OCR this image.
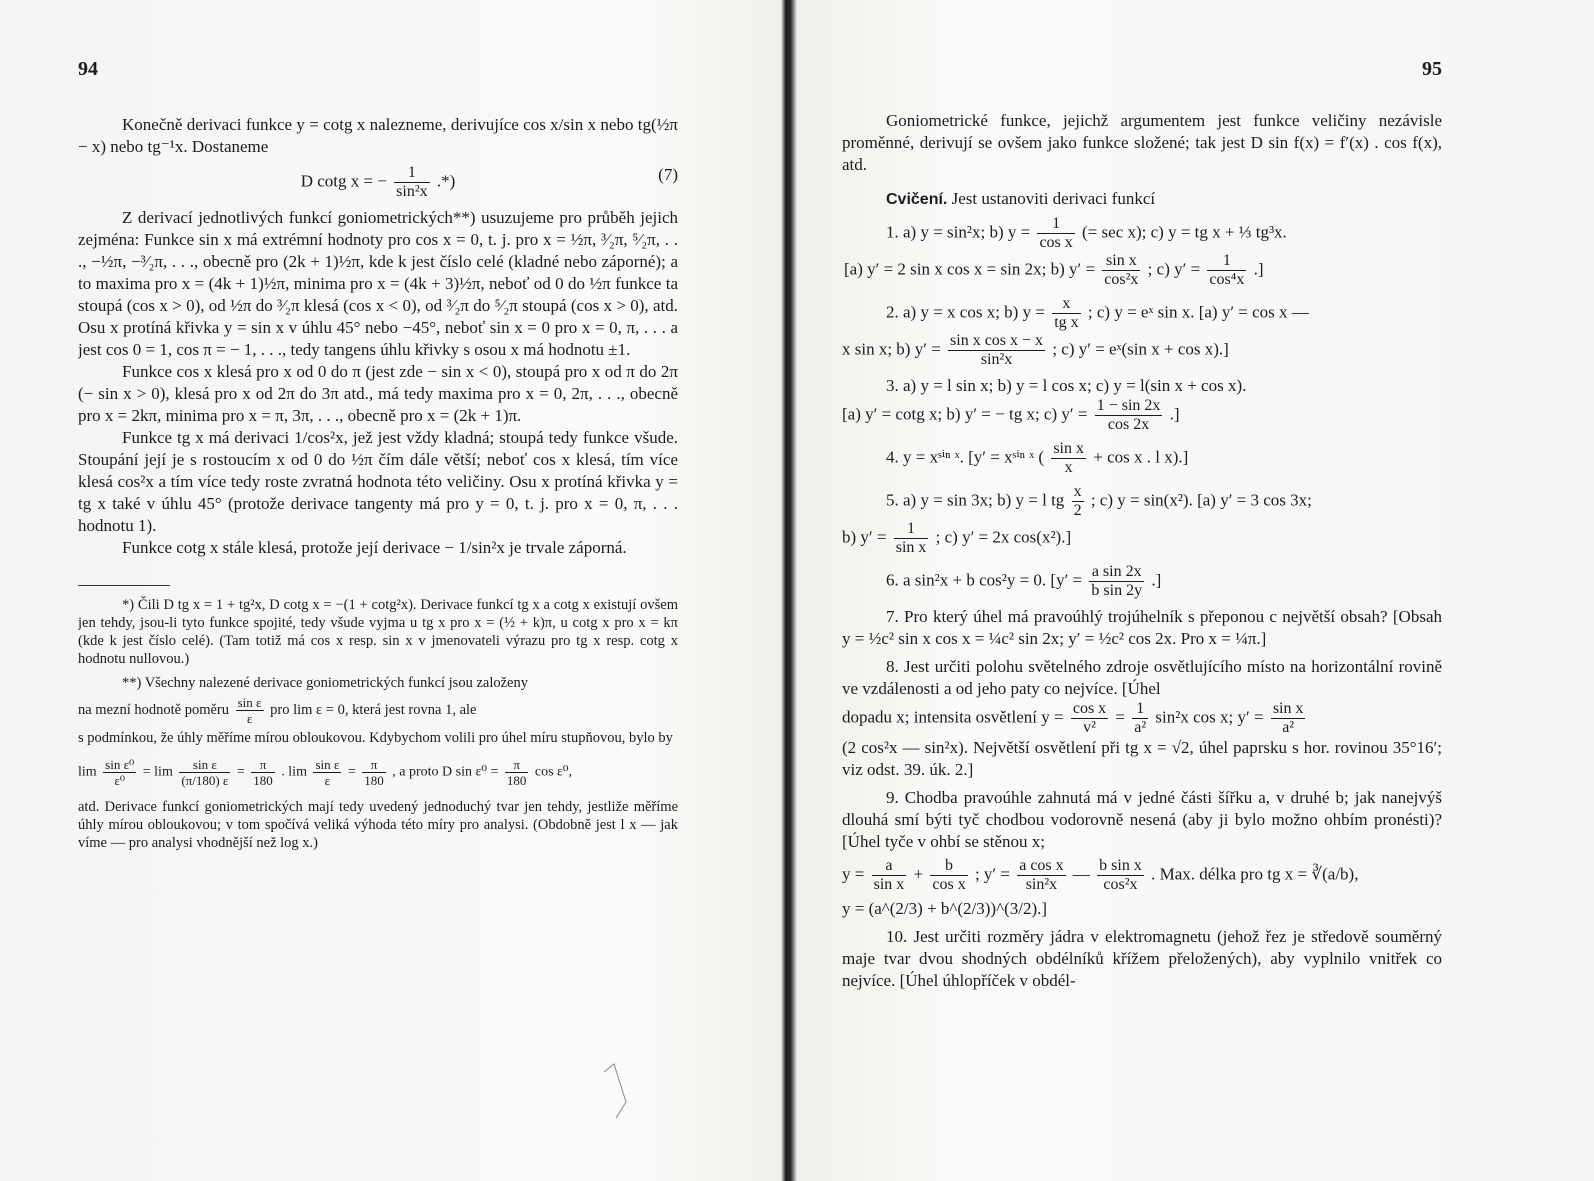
94

Konečně derivaci funkce y = cotg x nalezneme, derivujíce cos x/sin x nebo tg(½π − x) nebo tg⁻¹x. Dostaneme

D cotg x = − $\frac{1}{\text{sin²x}}$ .*)	(7)

Z derivací jednotlivých funkcí goniometrických**) usuzujeme pro průběh jejich zejména: Funkce sin x má extrémní hodnoty pro cos x = 0, t. j. pro x = ½π, ³⁄₂π, ⁵⁄₂π, . . ., −½π, −³⁄₂π, . . ., obecně pro (2k + 1)½π, kde k jest číslo celé (kladné nebo záporné); a to maxima pro x = (4k + 1)½π, minima pro x = (4k + 3)½π, neboť od 0 do ½π funkce ta stoupá (cos x > 0), od ½π do ³⁄₂π klesá (cos x < 0), od ³⁄₂π do ⁵⁄₂π stoupá (cos x > 0), atd. Osu x protíná křivka y = sin x v úhlu 45° nebo −45°, neboť sin x = 0 pro x = 0, π, . . . a jest cos 0 = 1, cos π = − 1, . . ., tedy tangens úhlu křivky s osou x má hodnotu ±1.

Funkce cos x klesá pro x od 0 do π (jest zde − sin x < 0), stoupá pro x od π do 2π (− sin x > 0), klesá pro x od 2π do 3π atd., má tedy maxima pro x = 0, 2π, . . ., obecně pro x = 2kπ, minima pro x = π, 3π, . . ., obecně pro x = (2k + 1)π.

Funkce tg x má derivaci 1/cos²x, jež jest vždy kladná; stoupá tedy funkce všude. Stoupání její je s rostoucím x od 0 do ½π čím dále větší; neboť cos x klesá, tím více klesá cos²x a tím více tedy roste zvratná hodnota této veličiny. Osu x protíná křivka y = tg x také v úhlu 45° (protože derivace tangenty má pro y = 0, t. j. pro x = 0, π, . . . hodnotu 1).

Funkce cotg x stále klesá, protože její derivace − 1/sin²x je trvale záporná.

*) Čili D tg x = 1 + tg²x, D cotg x = −(1 + cotg²x). Derivace funkcí tg x a cotg x existují ovšem jen tehdy, jsou-li tyto funkce spojité, tedy všude vyjma u tg x pro x = (½ + k)π, u cotg x pro x = kπ (kde k jest číslo celé). (Tam totiž má cos x resp. sin x v jmenovateli výrazu pro tg x resp. cotg x hodnotu nullovou.)

**) Všechny nalezené derivace goniometrických funkcí jsou založeny

na mezní hodnotě poměru $\frac{\text{sin ε}}{\varepsilon}$ pro lim ε = 0, která jest rovna 1, ale

s podmínkou, že úhly měříme mírou obloukovou. Kdybychom volili pro úhel míru stupňovou, bylo by

$\lim \frac{\text{sin ε⁰}}{\text{ε⁰}} = \lim \frac{\text{sin ε}}{(\pi/180) \varepsilon} = \frac{\pi}{180}$ . $\lim \frac{\text{sin ε}}{\varepsilon} = \frac{\pi}{180}$ , a proto D $\sin \varepsilon^0 = \frac{\pi}{180}$ cos ε⁰,

atd. Derivace funkcí goniometrických mají tedy uvedený jednoduchý tvar jen tehdy, jestliže měříme úhly mírou obloukovou; v tom spočívá veliká výhoda této míry pro analysi. (Obdobně jest l x — jak víme — pro analysi vhodnější než log x.)

95

Goniometrické funkce, jejichž argumentem jest funkce veličiny nezávisle proměnné, derivují se ovšem jako funkce složené; tak jest D sin f(x) = f′(x) . cos f(x), atd.

Cvičení. Jest ustanoviti derivaci funkcí

1. a) y = sin²x; b) $y = \frac{1}{\text{cos x}}$ (= sec x); c) y = tg x + ⅓ tg³x.
[a) y′ = 2 sin x cos x = sin 2x; b) $y' = \frac{\text{sin x}}{\text{cos²x}}$ ; c) $y' = \frac{1}{\text{cos⁴x}}$ .]
2. a) y = x cos x; b) $y = \frac{x}{\text{tg x}}$ ; c) y = eˣ sin x. [a) y′ = cos x —
x sin x; b) $y' = \frac{\text{sin x cos x − x}}{\text{sin²x}}$ ; c) y′ = eˣ(sin x + cos x).]
3. a) y = l sin x; b) y = l cos x; c) y = l(sin x + cos x).
[a) y′ = cotg x; b) y′ = − tg x; c) $y' = \frac{1 - \sin 2x}{\cos 2x}$ .]
4. y = xˢⁱⁿ ˣ. [y′ = xˢⁱⁿ ˣ ( $\frac{\text{sin x}}{x} + \cos x$ . l x).]
5. a) y = sin 3x; b) y = l tg $\frac{x}{2}$ ; c) y = sin(x²). [a) y′ = 3 cos 3x;
b) $y' = \frac{1}{\text{sin x}}$ ; c) y′ = 2x cos(x²).]
6. a sin²x + b cos²y = 0. [$y' = \frac{\text{a sin 2x}}{\text{b sin 2y}}$ .]

7. Pro který úhel má pravoúhlý trojúhelník s přeponou c největší obsah? [Obsah y = ½c² sin x cos x = ¼c² sin 2x; y′ = ½c² cos 2x. Pro x = ¼π.]

8. Jest určiti polohu světelného zdroje osvětlujícího místo na horizontální rovině ve vzdálenosti a od jeho paty co nejvíce. [Úhel

dopadu x; intensita osvětlení $y = \frac{\text{cos x}}{\text{v²}} = \frac{1}{\text{a²}} \sin^2x$ cos x; $y' = \frac{\text{sin x}}{\text{a²}}$

(2 cos²x — sin²x). Největší osvětlení při tg x = √2, úhel paprsku s hor. rovinou 35°16′; viz odst. 39. úk. 2.]

9. Chodba pravoúhle zahnutá má v jedné části šířku a, v druhé b; jak nanejvýš dlouhá smí býti tyč chodbou vodorovně nesená (aby ji bylo možno ohbím pronésti)? [Úhel tyče v ohbí se stěnou x;

$y = \frac{a}{\text{sin x}} + \frac{b}{\text{cos x}}$ ; $y' = \frac{\text{a cos x}}{\text{sin²x}}$ — $\frac{\text{b sin x}}{\text{cos²x}}$ . Max. délka pro tg x = ∛(a/b),

y = (a^(2/3) + b^(2/3))^(3/2).]

10. Jest určiti rozměry jádra v elektromagnetu (jehož řez je středově souměrný maje tvar dvou shodných obdélníků křížem přeložených), aby vyplnilo vnitřek co nejvíce. [Úhel úhlopříček v obdél-
